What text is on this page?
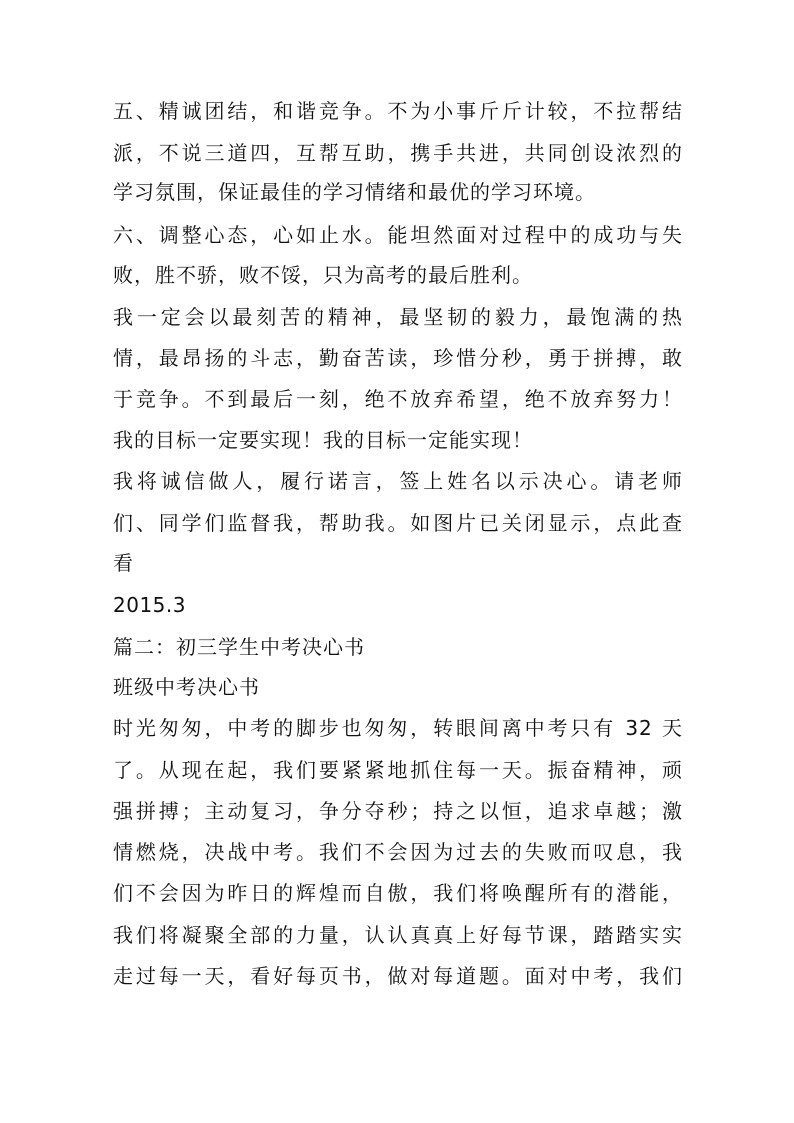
五、精诚团结，和谐竞争。不为小事斤斤计较，不拉帮结
派，不说三道四，互帮互助，携手共进，共同创设浓烈的
学习氛围，保证最佳的学习情绪和最优的学习环境。
六、调整心态，心如止水。能坦然面对过程中的成功与失
败，胜不骄，败不馁，只为高考的最后胜利。
我一定会以最刻苦的精神，最坚韧的毅力，最饱满的热
情，最昂扬的斗志，勤奋苦读，珍惜分秒，勇于拼搏，敢
于竞争。不到最后一刻，绝不放弃希望，绝不放弃努力！
我的目标一定要实现！我的目标一定能实现！
我将诚信做人，履行诺言，签上姓名以示决心。请老师
们、同学们监督我，帮助我。如图片已关闭显示，点此查
看
2015.3
篇二：初三学生中考决心书
班级中考决心书
时光匆匆，中考的脚步也匆匆，转眼间离中考只有 32 天
了。从现在起，我们要紧紧地抓住每一天。振奋精神，顽
强拼搏；主动复习，争分夺秒；持之以恒，追求卓越；激
情燃烧，决战中考。我们不会因为过去的失败而叹息，我
们不会因为昨日的辉煌而自傲，我们将唤醒所有的潜能，
我们将凝聚全部的力量，认认真真上好每节课，踏踏实实
走过每一天，看好每页书，做对每道题。面对中考，我们
